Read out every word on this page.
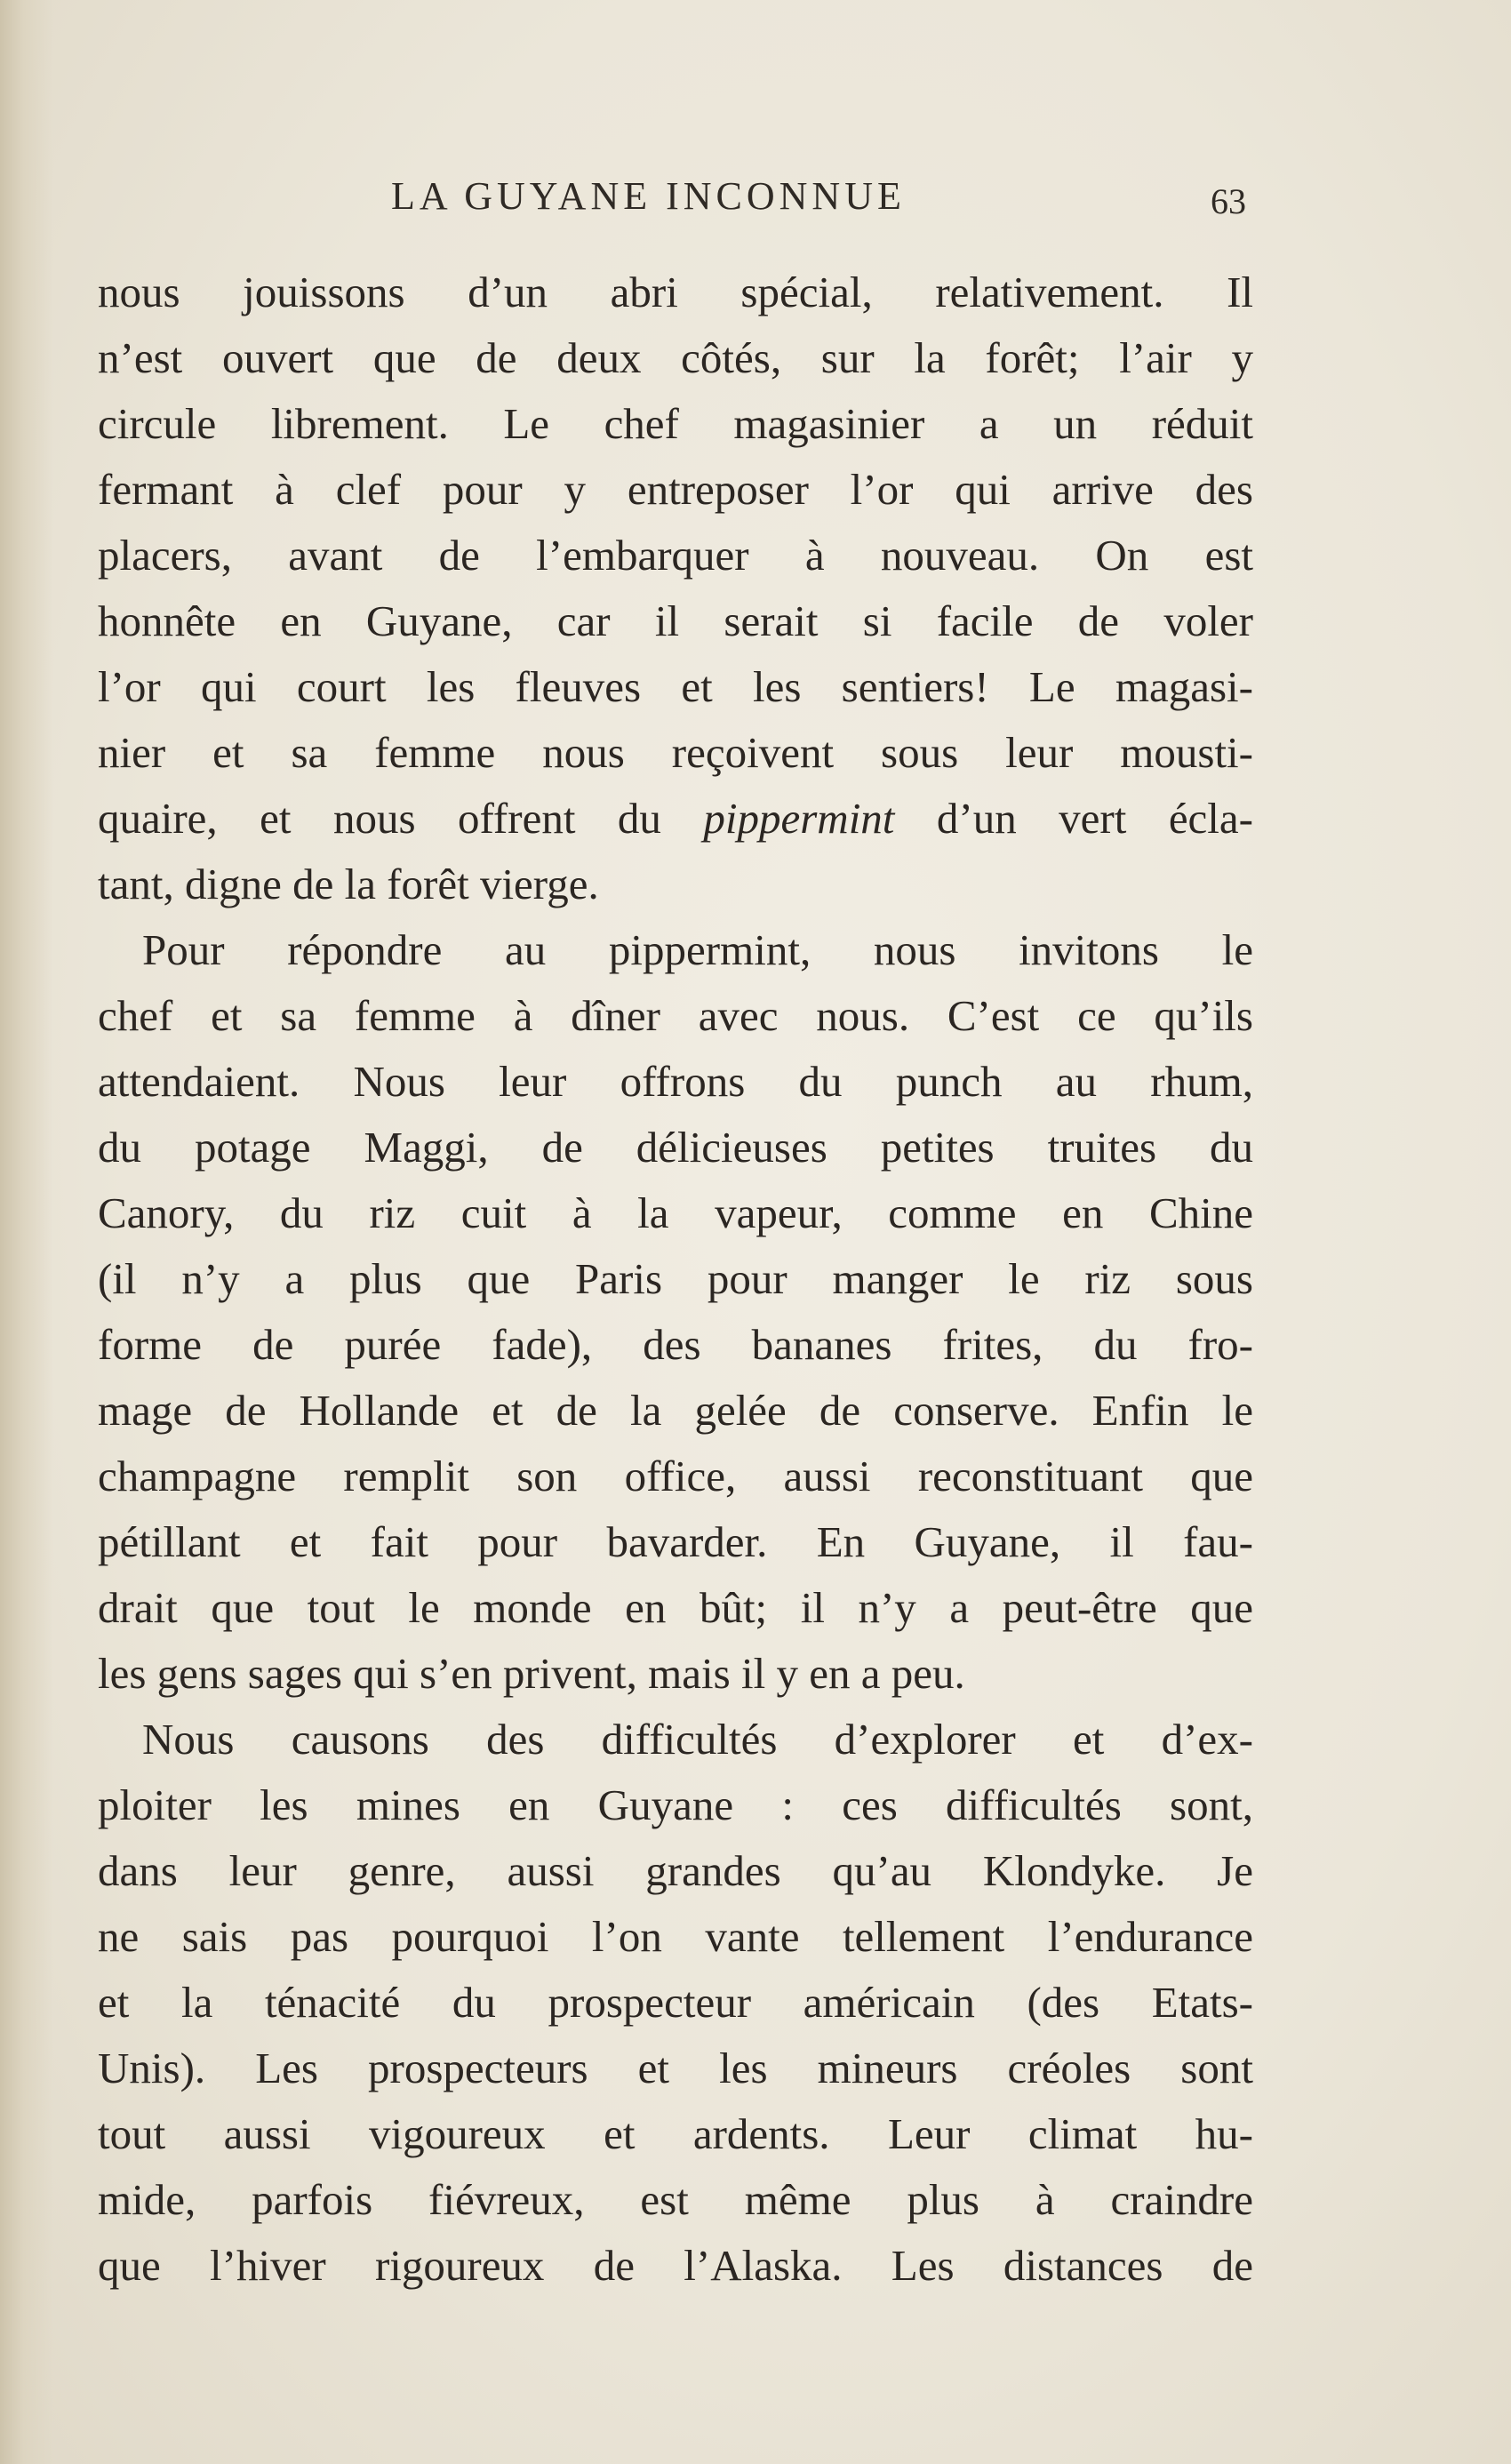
LA GUYANE INCONNUE	63
nous jouissons d’un abri spécial, relativement. Il
n’est ouvert que de deux côtés, sur la forêt; l’air y
circule librement. Le chef magasinier a un réduit
fermant à clef pour y entreposer l’or qui arrive des
placers, avant de l’embarquer à nouveau. On est
honnête en Guyane, car il serait si facile de voler
l’or qui court les fleuves et les sentiers! Le magasi-
nier et sa femme nous reçoivent sous leur mousti-
quaire, et nous offrent du pippermint d’un vert écla-
tant, digne de la forêt vierge.
Pour répondre au pippermint, nous invitons le
chef et sa femme à dîner avec nous. C’est ce qu’ils
attendaient. Nous leur offrons du punch au rhum,
du potage Maggi, de délicieuses petites truites du
Canory, du riz cuit à la vapeur, comme en Chine
(il n’y a plus que Paris pour manger le riz sous
forme de purée fade), des bananes frites, du fro-
mage de Hollande et de la gelée de conserve. Enfin le
champagne remplit son office, aussi reconstituant que
pétillant et fait pour bavarder. En Guyane, il fau-
drait que tout le monde en bût; il n’y a peut-être que
les gens sages qui s’en privent, mais il y en a peu.
Nous causons des difficultés d’explorer et d’ex-
ploiter les mines en Guyane : ces difficultés sont,
dans leur genre, aussi grandes qu’au Klondyke. Je
ne sais pas pourquoi l’on vante tellement l’endurance
et la ténacité du prospecteur américain (des Etats-
Unis). Les prospecteurs et les mineurs créoles sont
tout aussi vigoureux et ardents. Leur climat hu-
mide, parfois fiévreux, est même plus à craindre
que l’hiver rigoureux de l’Alaska. Les distances de
